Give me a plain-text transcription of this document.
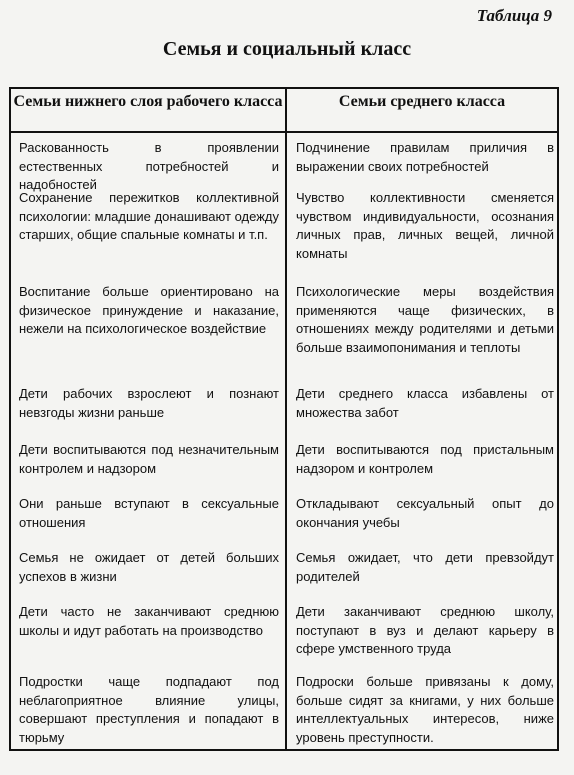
Таблица 9
Семья и социальный класс
Семьи нижнего слоя рабочего класса	Семьи среднего класса
Раскованность в проявлении естественных потребностей и надобностей
Сохранение пережитков коллективной психологии: младшие донашивают одежду старших, общие спальные комнаты и т.п.
Воспитание больше ориентировано на физическое принуждение и наказание, нежели на психологическое воздействие
Дети рабочих взрослеют и познают невзгоды жизни раньше
Дети воспитываются под незначительным контролем и надзором
Они раньше вступают в сексуальные отношения
Семья не ожидает от детей больших успехов в жизни
Дети часто не заканчивают среднюю школы и идут работать на производство
Подростки чаще подпадают под неблагоприятное влияние улицы, совершают преступления и попадают в тюрьму
Подчинение правилам приличия в выражении своих потребностей
Чувство коллективности сменяется чувством индивидуальности, осознания личных прав, личных вещей, личной комнаты
Психологические меры воздействия применяются чаще физических, в отношениях между родителями и детьми больше взаимопонимания и теплоты
Дети среднего класса избавлены от множества забот
Дети воспитываются под пристальным надзором и контролем
Откладывают сексуальный опыт до окончания учебы
Семья ожидает, что дети превзойдут родителей
Дети заканчивают среднюю школу, поступают в вуз и делают карьеру в сфере умственного труда
Подроски больше привязаны к дому, больше сидят за книгами, у них больше интеллектуальных интересов, ниже уровень преступности.
